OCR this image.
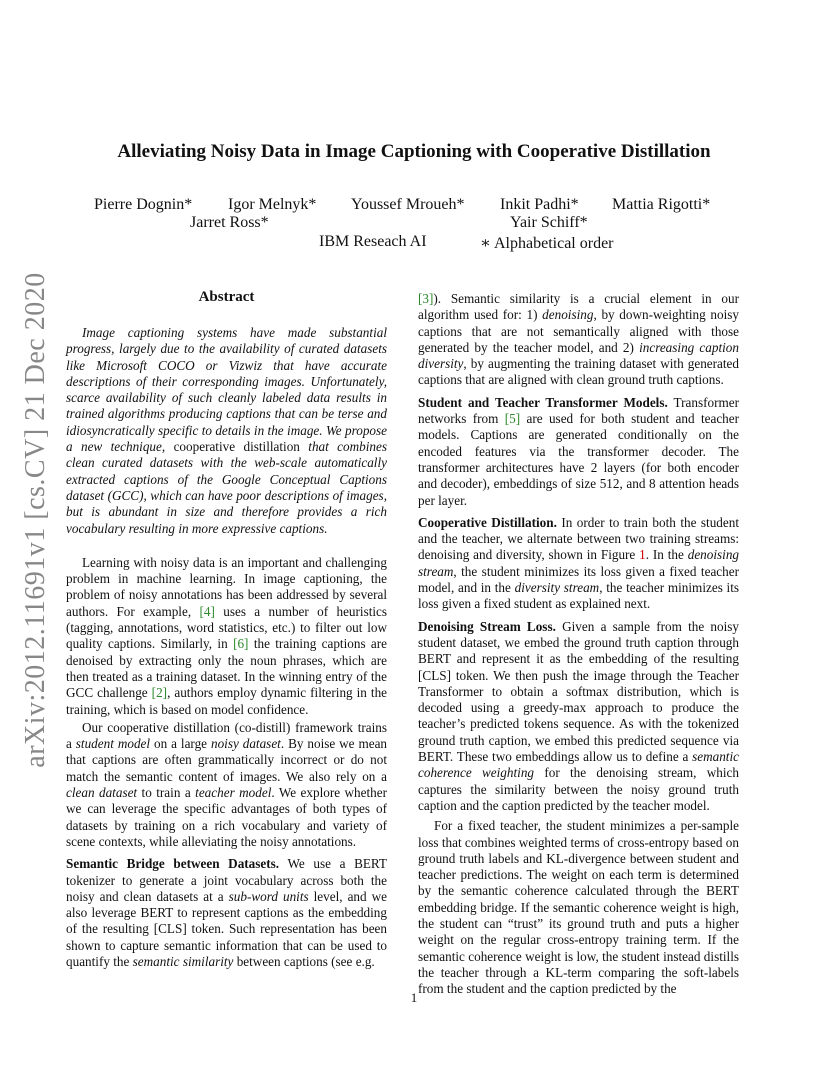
arXiv:2012.11691v1 [cs.CV] 21 Dec 2020
Alleviating Noisy Data in Image Captioning with Cooperative Distillation
Pierre Dognin* Igor Melnyk* Youssef Mroueh* Inkit Padhi* Mattia Rigotti*
Jarret Ross*	Yair Schiff*
IBM Reseach AI	∗ Alphabetical order
Abstract

Image captioning systems have made substantial progress, largely due to the availability of curated datasets like Microsoft COCO or Vizwiz that have accurate descriptions of their corresponding images. Unfortunately, scarce availability of such cleanly labeled data results in trained algorithms producing captions that can be terse and idiosyncratically specific to details in the image. We propose a new technique, cooperative distillation that combines clean curated datasets with the web-scale automatically extracted captions of the Google Conceptual Captions dataset (GCC), which can have poor descriptions of images, but is abundant in size and therefore provides a rich vocabulary resulting in more expressive captions.

Learning with noisy data is an important and challenging problem in machine learning. In image captioning, the problem of noisy annotations has been addressed by several authors. For example, [4] uses a number of heuristics (tagging, annotations, word statistics, etc.) to filter out low quality captions. Similarly, in [6] the training captions are denoised by extracting only the noun phrases, which are then treated as a training dataset. In the winning entry of the GCC challenge [2], authors employ dynamic filtering in the training, which is based on model confidence.

Our cooperative distillation (co-distill) framework trains a student model on a large noisy dataset. By noise we mean that captions are often grammatically incorrect or do not match the semantic content of images. We also rely on a clean dataset to train a teacher model. We explore whether we can leverage the specific advantages of both types of datasets by training on a rich vocabulary and variety of scene contexts, while alleviating the noisy annotations.

Semantic Bridge between Datasets. We use a BERT tokenizer to generate a joint vocabulary across both the noisy and clean datasets at a sub-word units level, and we also leverage BERT to represent captions as the embedding of the resulting [CLS] token. Such representation has been shown to capture semantic information that can be used to quantify the semantic similarity between captions (see e.g.

[3]). Semantic similarity is a crucial element in our algorithm used for: 1) denoising, by down-weighting noisy captions that are not semantically aligned with those generated by the teacher model, and 2) increasing caption diversity, by augmenting the training dataset with generated captions that are aligned with clean ground truth captions.

Student and Teacher Transformer Models. Transformer networks from [5] are used for both student and teacher models. Captions are generated conditionally on the encoded features via the transformer decoder. The transformer architectures have 2 layers (for both encoder and decoder), embeddings of size 512, and 8 attention heads per layer.

Cooperative Distillation. In order to train both the student and the teacher, we alternate between two training streams: denoising and diversity, shown in Figure 1. In the denoising stream, the student minimizes its loss given a fixed teacher model, and in the diversity stream, the teacher minimizes its loss given a fixed student as explained next.

Denoising Stream Loss. Given a sample from the noisy student dataset, we embed the ground truth caption through BERT and represent it as the embedding of the resulting [CLS] token. We then push the image through the Teacher Transformer to obtain a softmax distribution, which is decoded using a greedy-max approach to produce the teacher’s predicted tokens sequence. As with the tokenized ground truth caption, we embed this predicted sequence via BERT. These two embeddings allow us to define a semantic coherence weighting for the denoising stream, which captures the similarity between the noisy ground truth caption and the caption predicted by the teacher model.

For a fixed teacher, the student minimizes a per-sample loss that combines weighted terms of cross-entropy based on ground truth labels and KL-divergence between student and teacher predictions. The weight on each term is determined by the semantic coherence calculated through the BERT embedding bridge. If the semantic coherence weight is high, the student can “trust” its ground truth and puts a higher weight on the regular cross-entropy training term. If the semantic coherence weight is low, the student instead distills the teacher through a KL-term comparing the soft-labels from the student and the caption predicted by the

1
